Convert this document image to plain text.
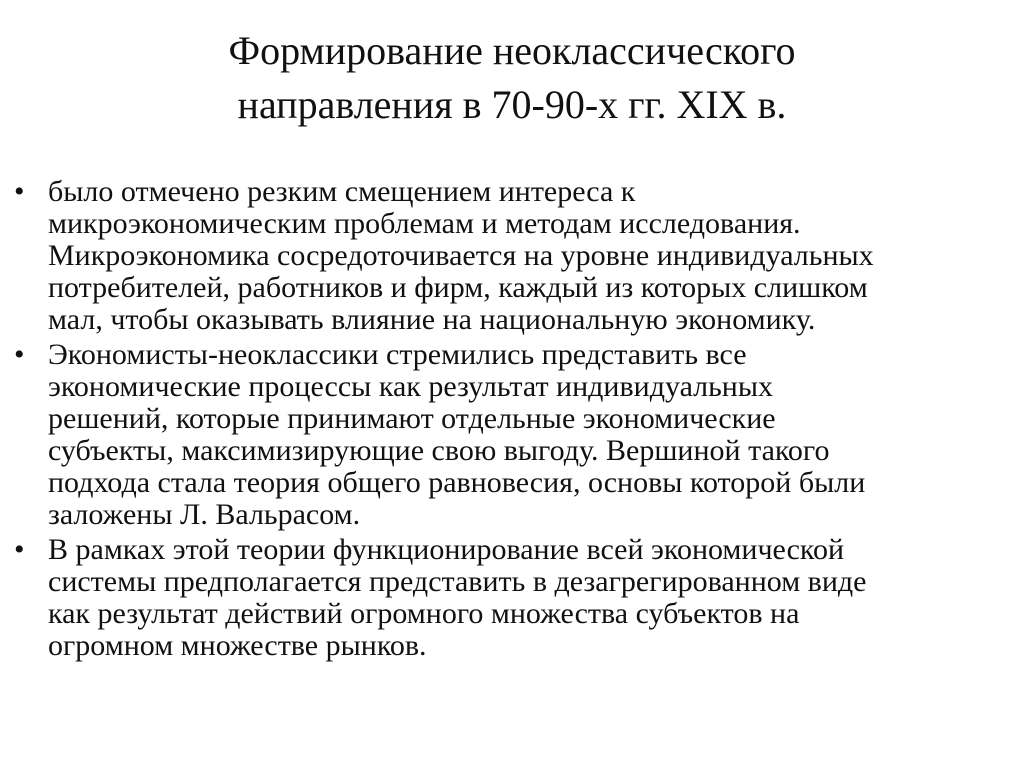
Формирование неоклассического
направления в 70-90-х гг. XIX в.
• было отмечено резким смещением интереса к
микроэкономическим проблемам и методам исследования.
Микроэкономика сосредоточивается на уровне индивидуальных
потребителей, работников и фирм, каждый из которых слишком
мал, чтобы оказывать влияние на национальную экономику.
• Экономисты-неоклассики стремились представить все
экономические процессы как результат индивидуальных
решений, которые принимают отдельные экономические
субъекты, максимизирующие свою выгоду. Вершиной такого
подхода стала теория общего равновесия, основы которой были
заложены Л. Вальрасом.
• В рамках этой теории функционирование всей экономической
системы предполагается представить в дезагрегированном виде
как результат действий огромного множества субъектов на
огромном множестве рынков.
